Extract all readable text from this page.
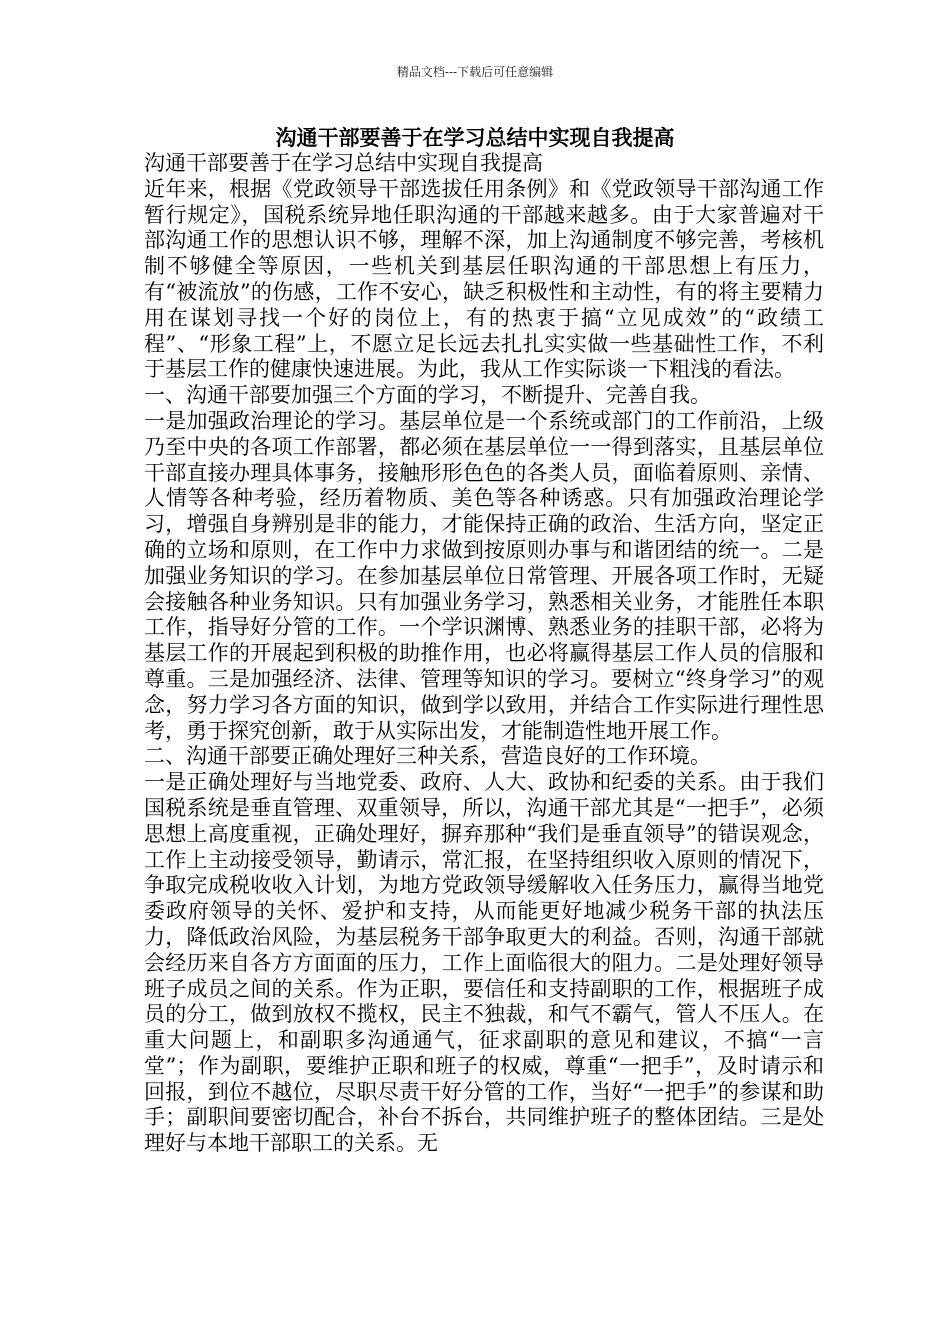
精品文档---下载后可任意编辑
沟通干部要善于在学习总结中实现自我提高

沟通干部要善于在学习总结中实现自我提高

近年来，根据《党政领导干部选拔任用条例》和《党政领导干部沟通工作暂行规定》，国税系统异地任职沟通的干部越来越多。由于大家普遍对干部沟通工作的思想认识不够，理解不深，加上沟通制度不够完善，考核机制不够健全等原因，一些机关到基层任职沟通的干部思想上有压力，有“被流放”的伤感，工作不安心，缺乏积极性和主动性，有的将主要精力用在谋划寻找一个好的岗位上，有的热衷于搞“立见成效”的“政绩工程”、“形象工程”上，不愿立足长远去扎扎实实做一些基础性工作，不利于基层工作的健康快速进展。为此，我从工作实际谈一下粗浅的看法。

一、沟通干部要加强三个方面的学习，不断提升、完善自我。

一是加强政治理论的学习。基层单位是一个系统或部门的工作前沿，上级乃至中央的各项工作部署，都必须在基层单位一一得到落实，且基层单位干部直接办理具体事务，接触形形色色的各类人员，面临着原则、亲情、人情等各种考验，经历着物质、美色等各种诱惑。只有加强政治理论学习，增强自身辨别是非的能力，才能保持正确的政治、生活方向，坚定正确的立场和原则，在工作中力求做到按原则办事与和谐团结的统一。二是加强业务知识的学习。在参加基层单位日常管理、开展各项工作时，无疑会接触各种业务知识。只有加强业务学习，熟悉相关业务，才能胜任本职工作，指导好分管的工作。一个学识渊博、熟悉业务的挂职干部，必将为基层工作的开展起到积极的助推作用，也必将赢得基层工作人员的信服和尊重。三是加强经济、法律、管理等知识的学习。要树立“终身学习”的观念，努力学习各方面的知识，做到学以致用，并结合工作实际进行理性思考，勇于探究创新，敢于从实际出发，才能制造性地开展工作。

二、沟通干部要正确处理好三种关系，营造良好的工作环境。

一是正确处理好与当地党委、政府、人大、政协和纪委的关系。由于我们国税系统是垂直管理、双重领导，所以，沟通干部尤其是“一把手”，必须思想上高度重视，正确处理好，摒弃那种“我们是垂直领导”的错误观念，工作上主动接受领导，勤请示，常汇报，在坚持组织收入原则的情况下，争取完成税收收入计划，为地方党政领导缓解收入任务压力，赢得当地党委政府领导的关怀、爱护和支持，从而能更好地减少税务干部的执法压力，降低政治风险，为基层税务干部争取更大的利益。否则，沟通干部就会经历来自各方方面面的压力，工作上面临很大的阻力。二是处理好领导班子成员之间的关系。作为正职，要信任和支持副职的工作，根据班子成员的分工，做到放权不揽权，民主不独裁，和气不霸气，管人不压人。在重大问题上，和副职多沟通通气，征求副职的意见和建议，不搞“一言堂”；作为副职，要维护正职和班子的权威，尊重“一把手”，及时请示和回报，到位不越位，尽职尽责干好分管的工作，当好“一把手”的参谋和助手；副职间要密切配合，补台不拆台，共同维护班子的整体团结。三是处理好与本地干部职工的关系。无
